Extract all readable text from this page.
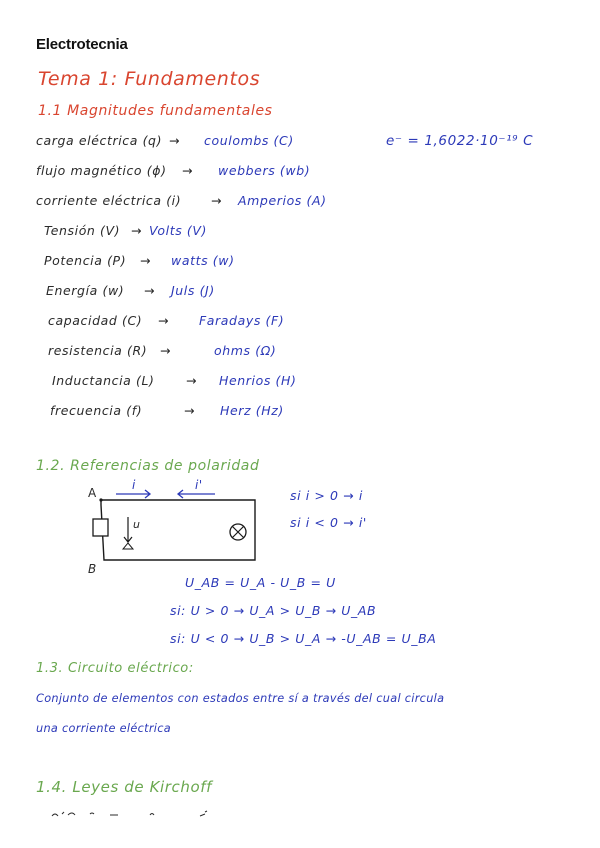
Electrotecnia
Tema 1: Fundamentos
1.1 Magnitudes fundamentales
carga eléctrica (q) → coulombs (C)	e⁻ = 1,6022·10⁻¹⁹ C
flujo magnético (ϕ) → webbers (wb)
corriente eléctrica (i) → Amperios (A)
Tensión (V) → Volts (V)
Potencia (P) → watts (w)
Energía (w) → Juls (J)
capacidad (C) → Faradays (F)
resistencia (R) →	ohms (Ω)
Inductancia (L)	→ Henrios (H)
frecuencia (f)	→ Herz (Hz)
1.2. Referencias de polaridad
A
B
i	i'
u
si i > 0 → i
si i < 0 → i'
U_AB = U_A - U_B = U
si: U > 0 → U_A > U_B → U_AB
si: U < 0 → U_B > U_A → -U_AB = U_BA
1.3. Circuito eléctrico:
Conjunto de elementos con estados entre sí a través del cual circula
una corriente eléctrica
1.4. Leyes de Kirchoff
